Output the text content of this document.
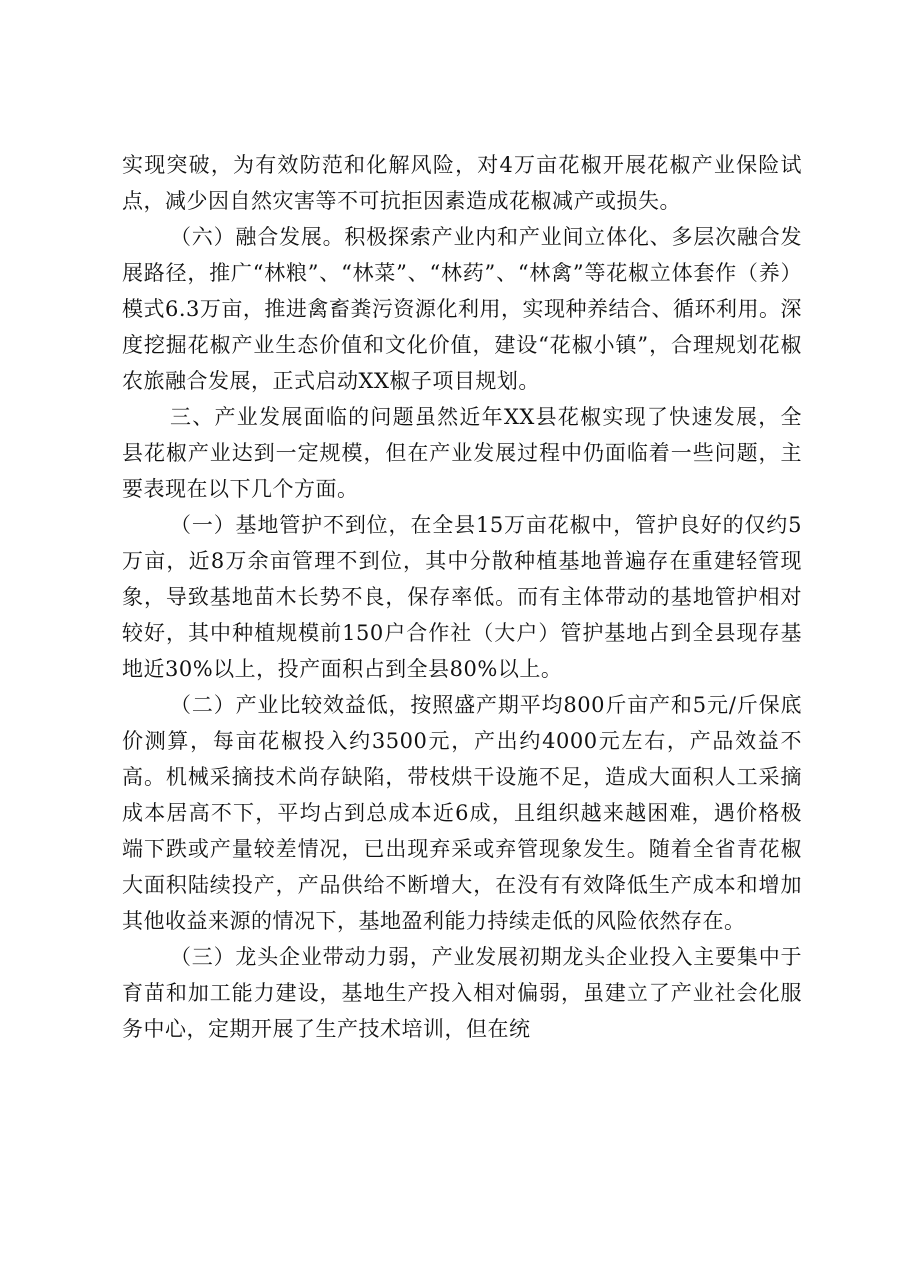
实现突破，为有效防范和化解风险，对4万亩花椒开展花椒产业保险试点，减少因自然灾害等不可抗拒因素造成花椒减产或损失。

（六）融合发展。积极探索产业内和产业间立体化、多层次融合发展路径，推广“林粮”、“林菜”、“林药”、“林禽”等花椒立体套作（养）模式6.3万亩，推进禽畜粪污资源化利用，实现种养结合、循环利用。深度挖掘花椒产业生态价值和文化价值，建设“花椒小镇”，合理规划花椒农旅融合发展，正式启动XX椒子项目规划。

三、产业发展面临的问题虽然近年XX县花椒实现了快速发展，全县花椒产业达到一定规模，但在产业发展过程中仍面临着一些问题，主要表现在以下几个方面。

（一）基地管护不到位，在全县15万亩花椒中，管护良好的仅约5万亩，近8万余亩管理不到位，其中分散种植基地普遍存在重建轻管现象，导致基地苗木长势不良，保存率低。而有主体带动的基地管护相对较好，其中种植规模前150户合作社（大户）管护基地占到全县现存基地近30%以上，投产面积占到全县80%以上。

（二）产业比较效益低，按照盛产期平均800斤亩产和5元/斤保底价测算，每亩花椒投入约3500元，产出约4000元左右，产品效益不高。机械采摘技术尚存缺陷，带枝烘干设施不足，造成大面积人工采摘成本居高不下，平均占到总成本近6成，且组织越来越困难，遇价格极端下跌或产量较差情况，已出现弃采或弃管现象发生。随着全省青花椒大面积陆续投产，产品供给不断增大，在没有有效降低生产成本和增加其他收益来源的情况下，基地盈利能力持续走低的风险依然存在。

（三）龙头企业带动力弱，产业发展初期龙头企业投入主要集中于育苗和加工能力建设，基地生产投入相对偏弱，虽建立了产业社会化服务中心，定期开展了生产技术培训，但在统
